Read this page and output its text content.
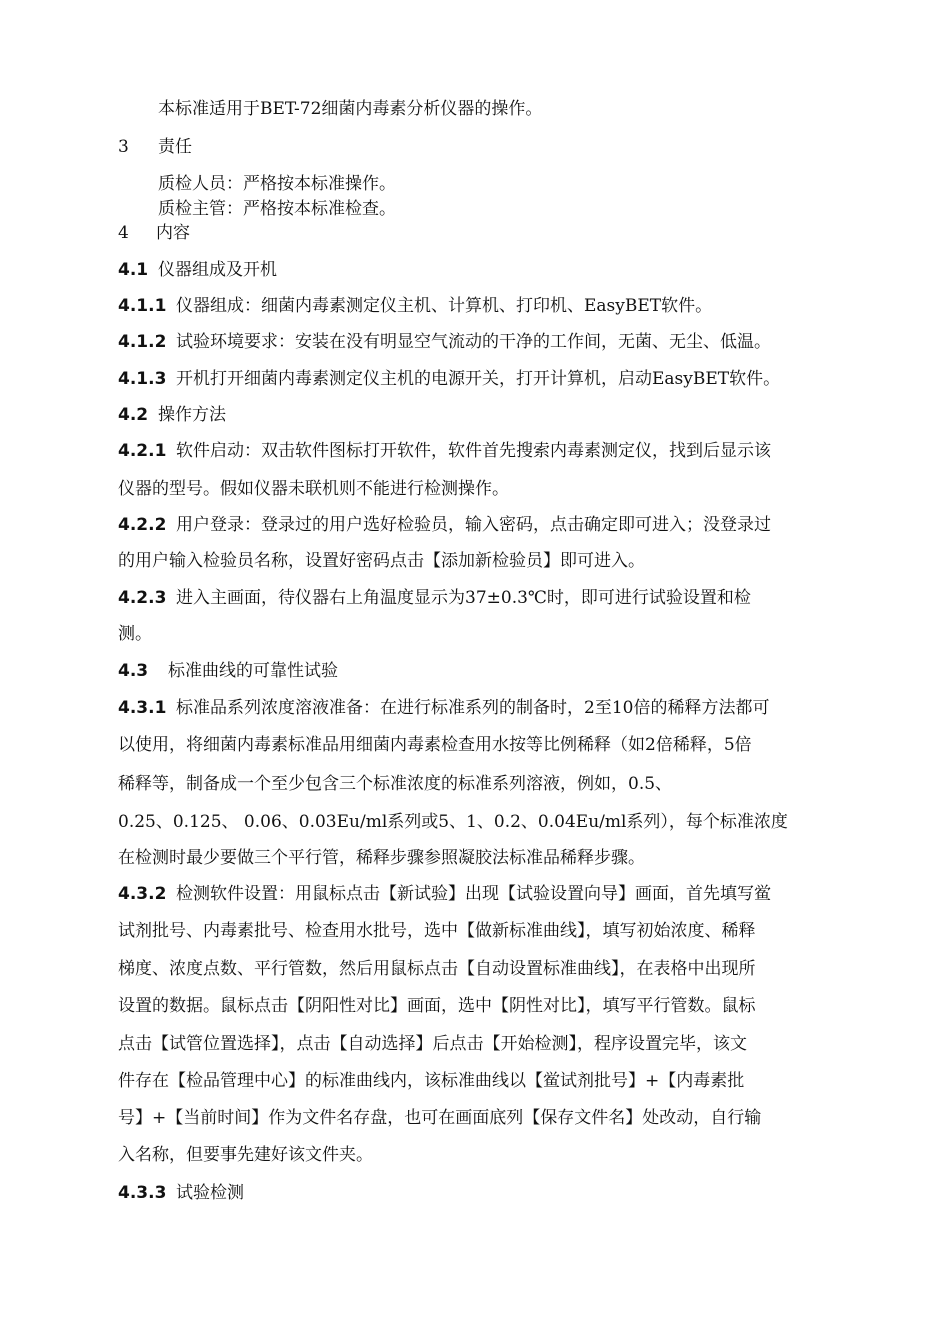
本标准适用于BET-72细菌内毒素分析仪器的操作。
3 责任
质检人员：严格按本标准操作。
质检主管：严格按本标准检查。
4 内容
4.1 仪器组成及开机
4.1.1 仪器组成：细菌内毒素测定仪主机、计算机、打印机、EasyBET软件。
4.1.2 试验环境要求：安装在没有明显空气流动的干净的工作间，无菌、无尘、低温。
4.1.3 开机打开细菌内毒素测定仪主机的电源开关，打开计算机，启动EasyBET软件。
4.2 操作方法
4.2.1 软件启动：双击软件图标打开软件，软件首先搜索内毒素测定仪，找到后显示该
仪器的型号。假如仪器未联机则不能进行检测操作。
4.2.2 用户登录：登录过的用户选好检验员，输入密码，点击确定即可进入；没登录过
的用户输入检验员名称，设置好密码点击【添加新检验员】即可进入。
4.2.3 进入主画面，待仪器右上角温度显示为37±0.3℃时，即可进行试验设置和检
测。
4.3 标准曲线的可靠性试验
4.3.1 标准品系列浓度溶液准备：在进行标准系列的制备时，2至10倍的稀释方法都可
以使用，将细菌内毒素标准品用细菌内毒素检查用水按等比例稀释（如2倍稀释，5倍
稀释等，制备成一个至少包含三个标准浓度的标准系列溶液，例如，0.5、
0.25、0.125、 0.06、0.03Eu/ml系列或5、1、0.2、0.04Eu/ml系列），每个标准浓度
在检测时最少要做三个平行管，稀释步骤参照凝胶法标准品稀释步骤。
4.3.2 检测软件设置：用鼠标点击【新试验】出现【试验设置向导】画面，首先填写鲎
试剂批号、内毒素批号、检查用水批号，选中【做新标准曲线】，填写初始浓度、稀释
梯度、浓度点数、平行管数，然后用鼠标点击【自动设置标准曲线】，在表格中出现所
设置的数据。鼠标点击【阴阳性对比】画面，选中【阴性对比】，填写平行管数。鼠标
点击【试管位置选择】，点击【自动选择】后点击【开始检测】，程序设置完毕，该文
件存在【检品管理中心】的标准曲线内，该标准曲线以【鲎试剂批号】+【内毒素批
号】+【当前时间】作为文件名存盘，也可在画面底列【保存文件名】处改动，自行输
入名称，但要事先建好该文件夹。
4.3.3 试验检测
